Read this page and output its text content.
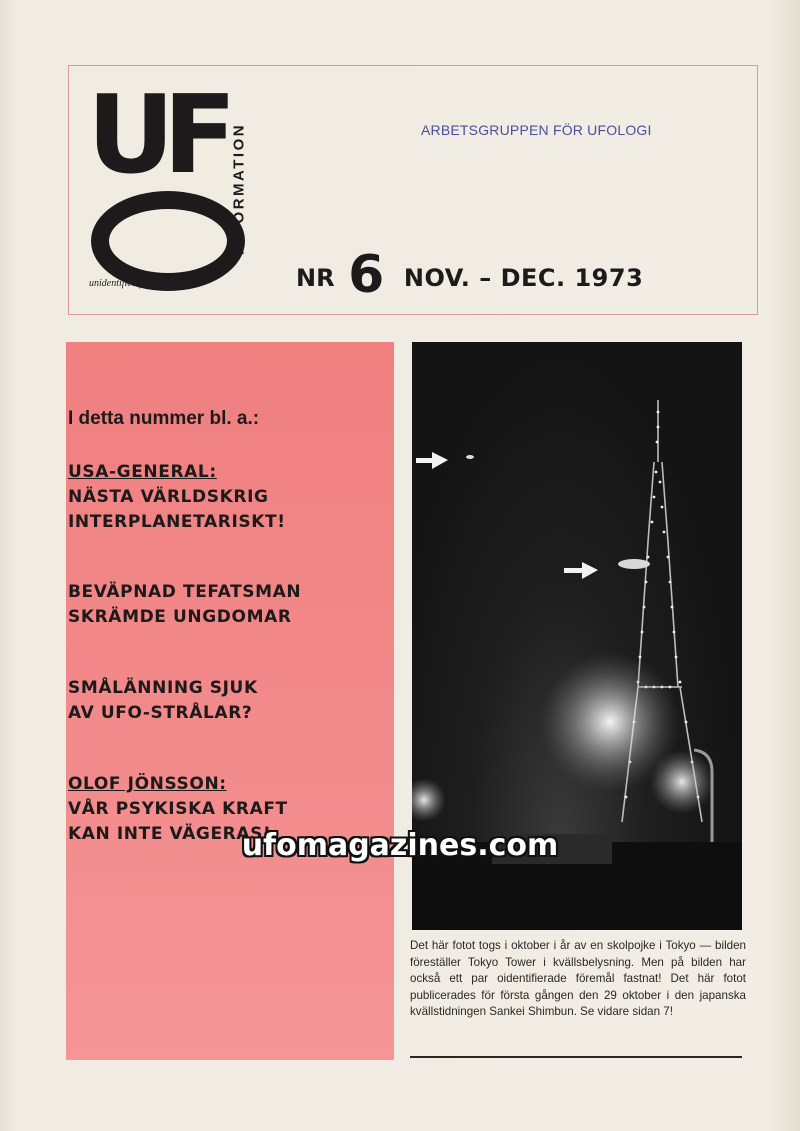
U
F
INFORMATION
unidentified flying objects
ARBETSGRUPPEN FÖR UFOLOGI
NR 6 NOV. – DEC. 1973
I detta nummer bl. a.:
USA-GENERAL:
NÄSTA VÄRLDSKRIG
INTERPLANETARISKT!
BEVÄPNAD TEFATSMAN
SKRÄMDE UNGDOMAR
SMÅLÄNNING SJUK
AV UFO-STRÅLAR?
OLOF JÖNSSON:
VÅR PSYKISKA KRAFT
KAN INTE VÄGERAS!
Det här fotot togs i oktober i år av en skolpojke i Tokyo — bilden föreställer Tokyo Tower i kvällsbelysning. Men på bilden har också ett par oidentifierade föremål fastnat! Det här fotot publicerades för första gången den 29 oktober i den japanska kvällstidningen Sankei Shimbun. Se vidare sidan 7!
ufomagazines.com
